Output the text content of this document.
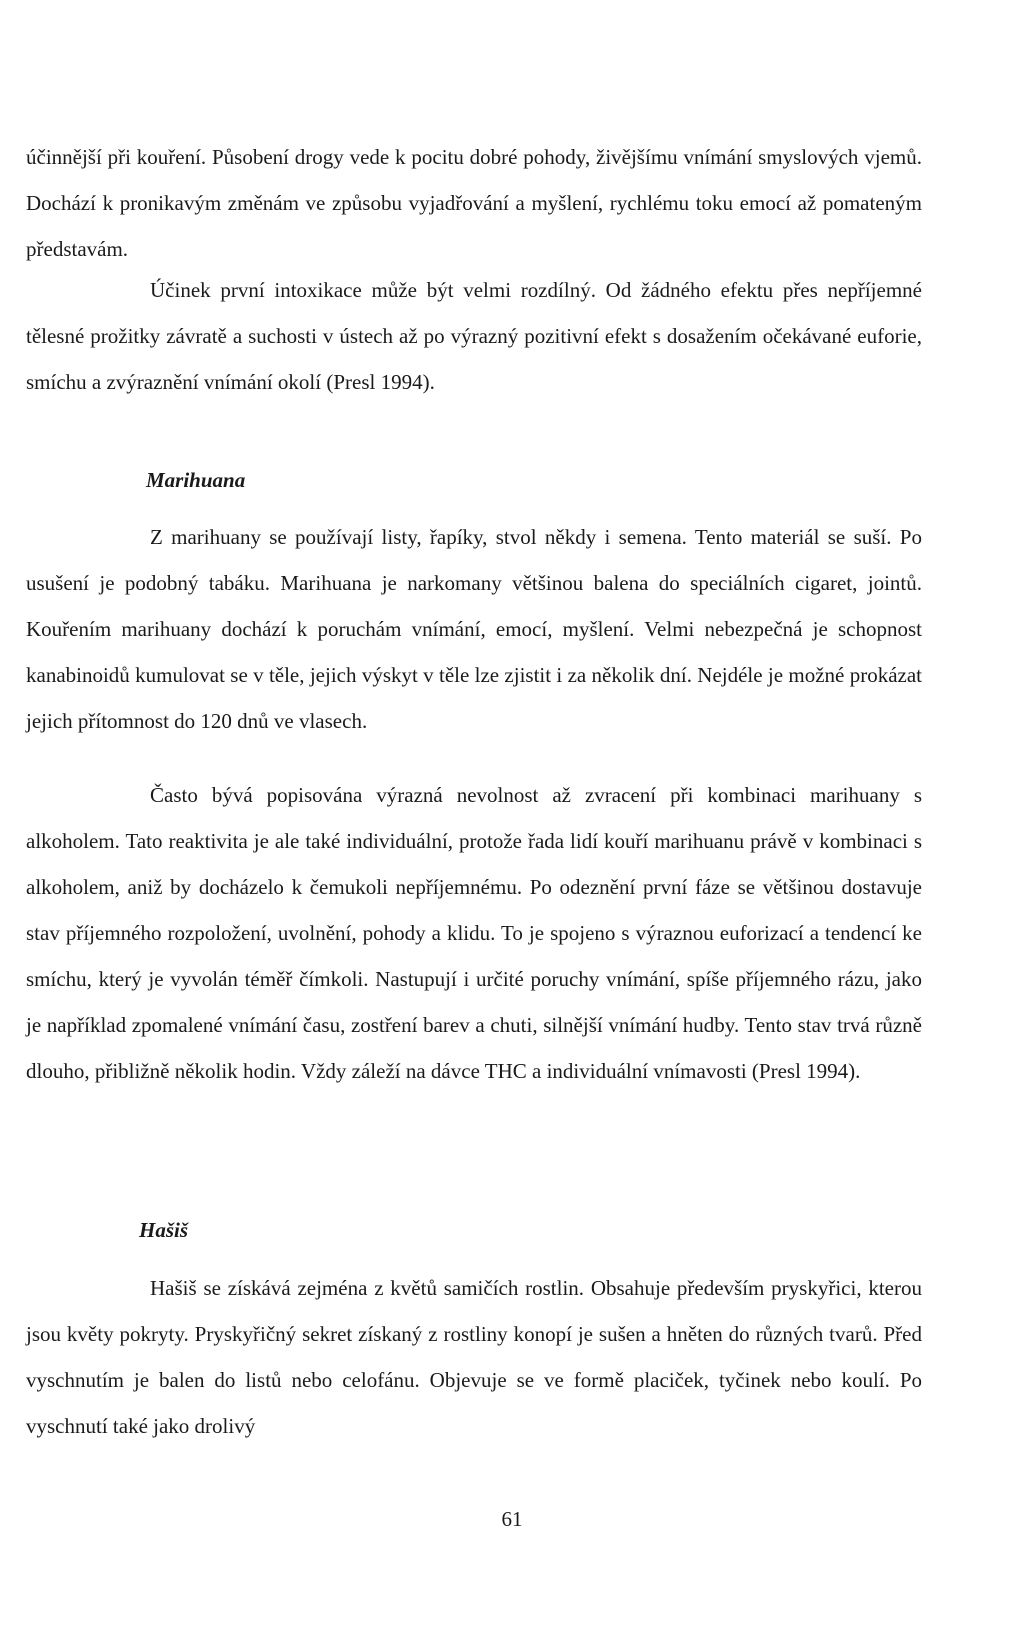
účinnější při kouření. Působení drogy vede k pocitu dobré pohody, živějšímu vnímání smyslových vjemů. Dochází k pronikavým změnám ve způsobu vyjadřování a myšlení, rychlému toku emocí až pomateným představám.

Účinek první intoxikace může být velmi rozdílný. Od žádného efektu přes nepříjemné tělesné prožitky závratě a suchosti v ústech až po výrazný pozitivní efekt s dosažením očekávané euforie, smíchu a zvýraznění vnímání okolí (Presl 1994).

Marihuana

Z marihuany se používají listy, řapíky, stvol někdy i semena. Tento materiál se suší. Po usušení je podobný tabáku. Marihuana je narkomany většinou balena do speciálních cigaret, jointů. Kouřením marihuany dochází k poruchám vnímání, emocí, myšlení. Velmi nebezpečná je schopnost kanabinoidů kumulovat se v těle, jejich výskyt v těle lze zjistit i za několik dní. Nejdéle je možné prokázat jejich přítomnost do 120 dnů ve vlasech.

Často bývá popisována výrazná nevolnost až zvracení při kombinaci marihuany s alkoholem. Tato reaktivita je ale také individuální, protože řada lidí kouří marihuanu právě v kombinaci s alkoholem, aniž by docházelo k čemukoli nepříjemnému. Po odeznění první fáze se většinou dostavuje stav příjemného rozpoložení, uvolnění, pohody a klidu. To je spojeno s výraznou euforizací a tendencí ke smíchu, který je vyvolán téměř čímkoli. Nastupují i určité poruchy vnímání, spíše příjemného rázu, jako je například zpomalené vnímání času, zostření barev a chuti, silnější vnímání hudby. Tento stav trvá různě dlouho, přibližně několik hodin. Vždy záleží na dávce THC a individuální vnímavosti (Presl 1994).

Hašiš

Hašiš se získává zejména z květů samičích rostlin. Obsahuje především pryskyřici, kterou jsou květy pokryty. Pryskyřičný sekret získaný z rostliny konopí je sušen a hněten do různých tvarů. Před vyschnutím je balen do listů nebo celofánu. Objevuje se ve formě placiček, tyčinek nebo koulí. Po vyschnutí také jako drolivý

61
